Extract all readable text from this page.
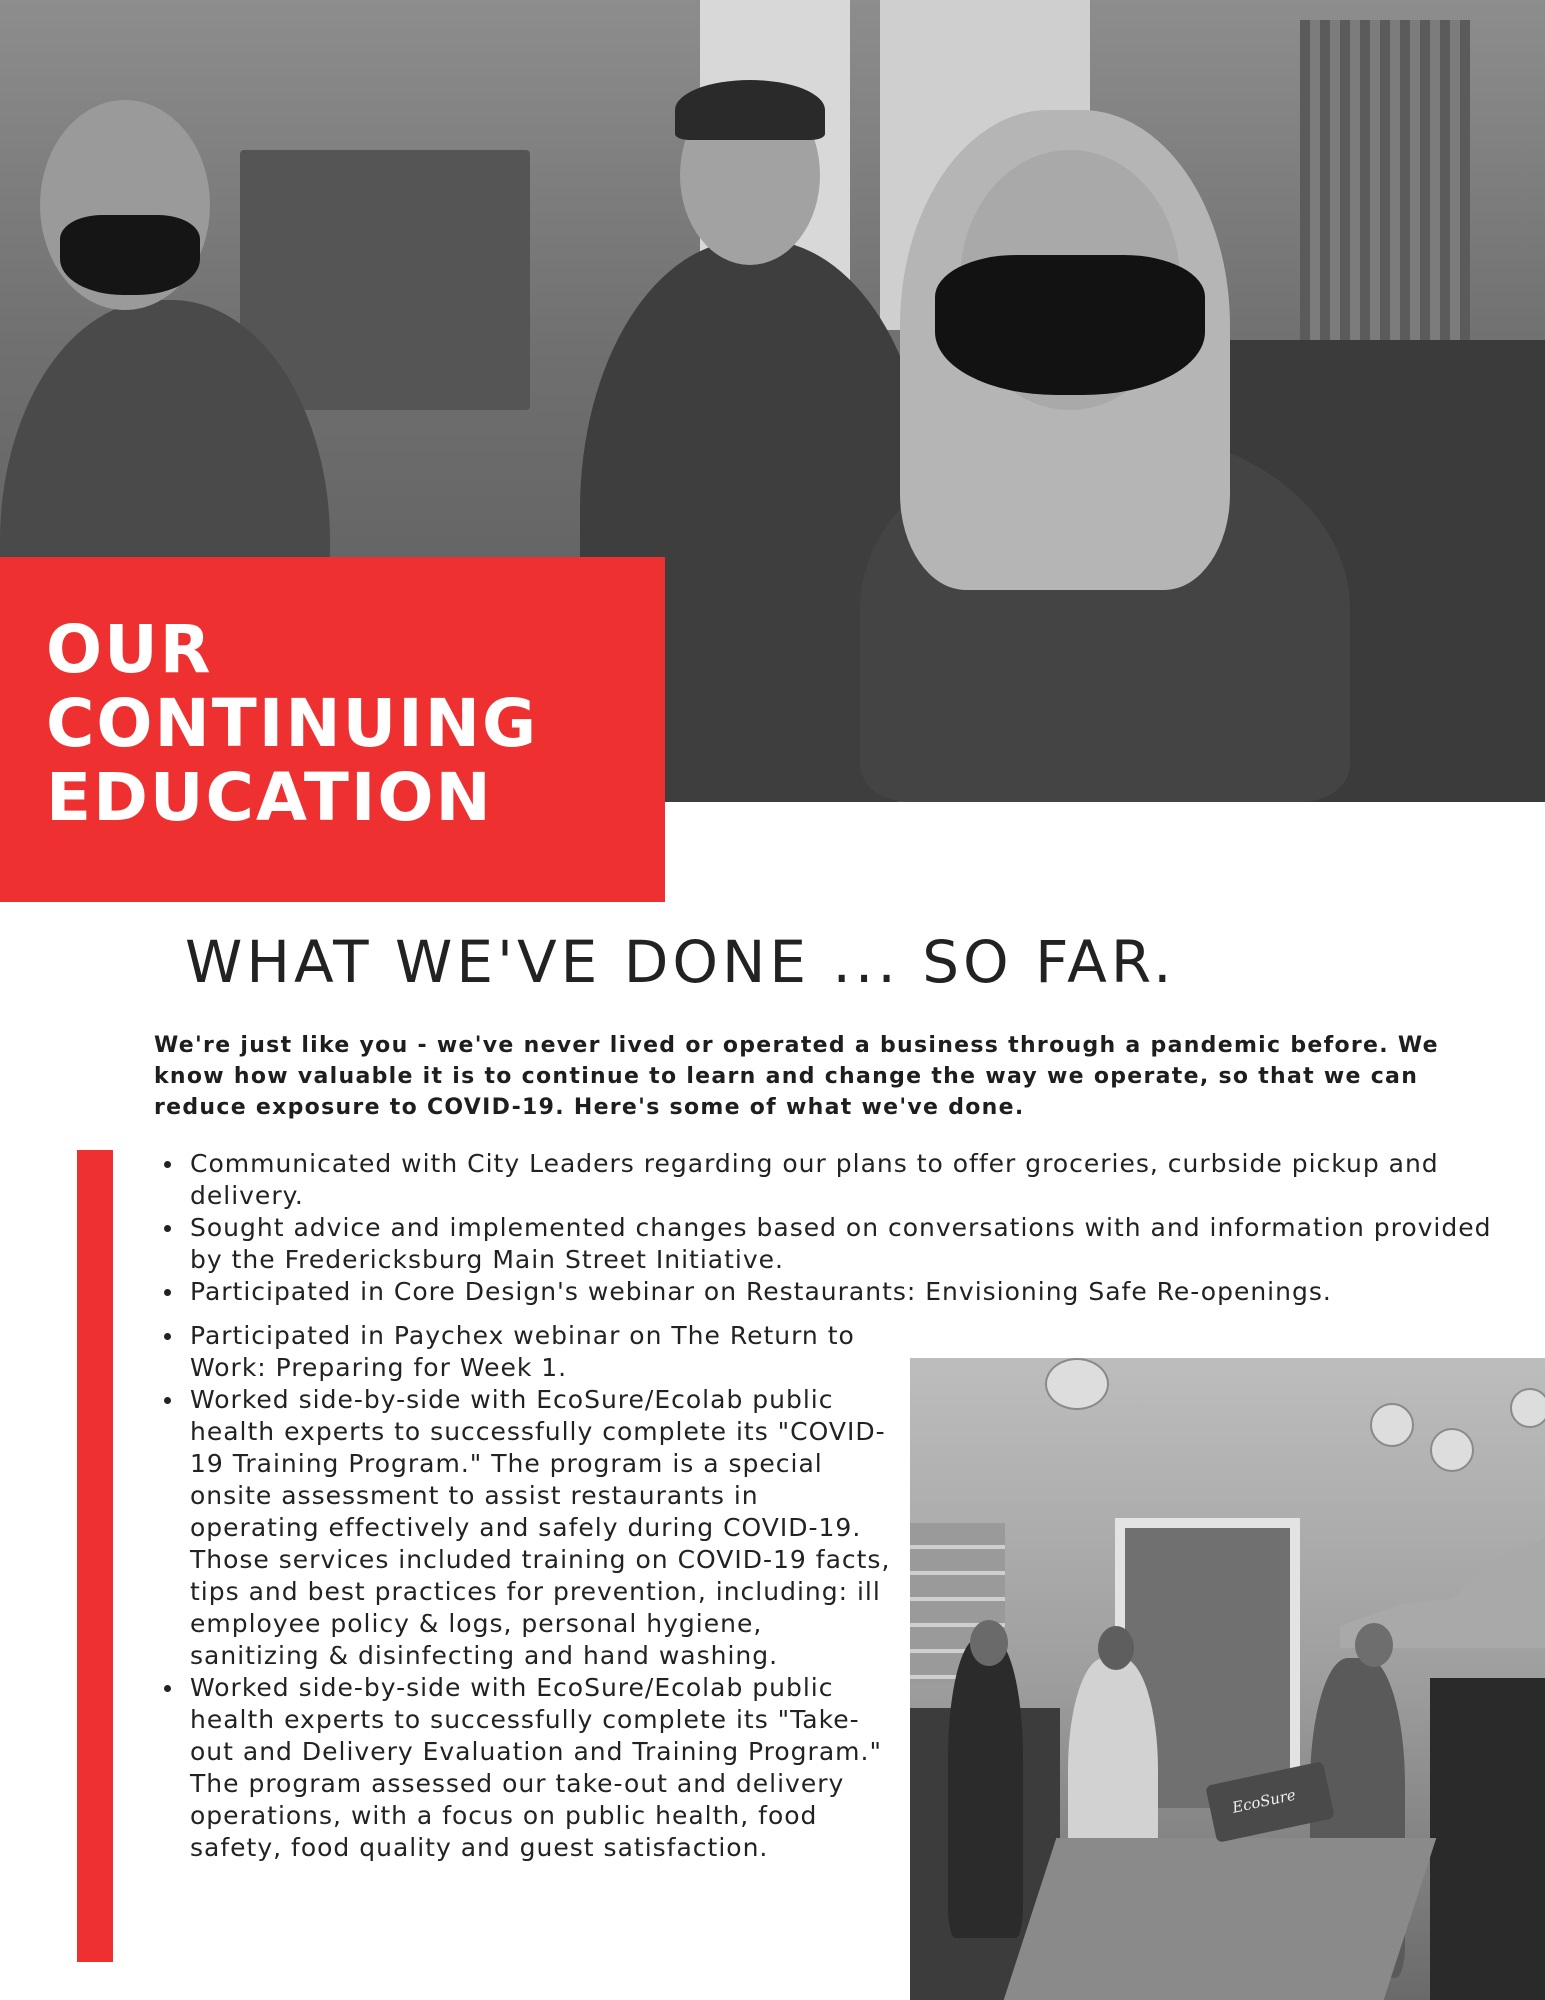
OUR
CONTINUING
EDUCATION
WHAT WE'VE DONE ... SO FAR.

We're just like you - we've never lived or operated a business through a pandemic before. We know how valuable it is to continue to learn and change the way we operate, so that we can reduce exposure to COVID-19. Here's some of what we've done.

Communicated with City Leaders regarding our plans to offer groceries, curbside pickup and delivery.
Sought advice and implemented changes based on conversations with and information provided by the Fredericksburg Main Street Initiative.
Participated in Core Design's webinar on Restaurants: Envisioning Safe Re-openings.
Participated in Paychex webinar on The Return to Work: Preparing for Week 1.
Worked side-by-side with EcoSure/Ecolab public health experts to successfully complete its "COVID-19 Training Program." The program is a special onsite assessment to assist restaurants in operating effectively and safely during COVID-19. Those services included training on COVID-19 facts, tips and best practices for prevention, including: ill employee policy & logs, personal hygiene, sanitizing & disinfecting and hand washing.
Worked side-by-side with EcoSure/Ecolab public health experts to successfully complete its "Take-out and Delivery Evaluation and Training Program." The program assessed our take-out and delivery operations, with a focus on public health, food safety, food quality and guest satisfaction.
EcoSure
